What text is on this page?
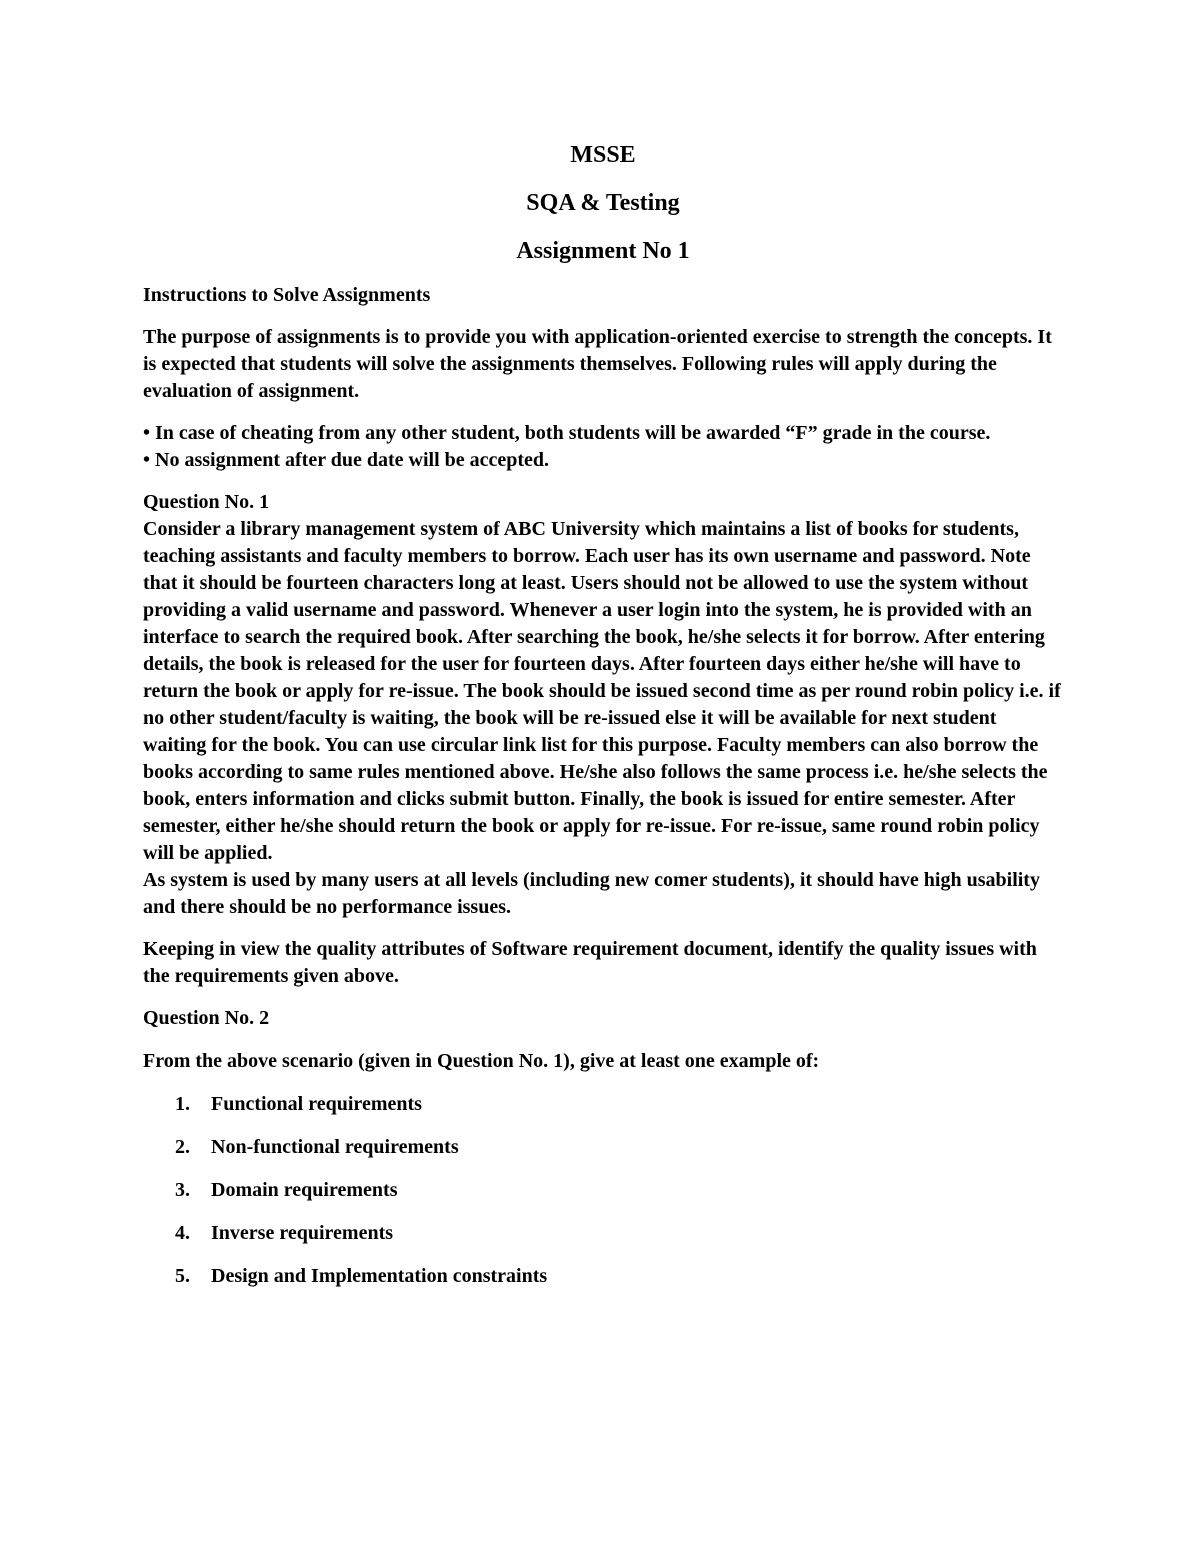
MSSE

SQA & Testing

Assignment No 1

Instructions to Solve Assignments

The purpose of assignments is to provide you with application-oriented exercise to strength the concepts. It is expected that students will solve the assignments themselves. Following rules will apply during the evaluation of assignment.

• In case of cheating from any other student, both students will be awarded “F” grade in the course.

• No assignment after due date will be accepted.

Question No. 1

Consider a library management system of ABC University which maintains a list of books for students, teaching assistants and faculty members to borrow. Each user has its own username and password. Note that it should be fourteen characters long at least. Users should not be allowed to use the system without providing a valid username and password. Whenever a user login into the system, he is provided with an interface to search the required book. After searching the book, he/she selects it for borrow. After entering details, the book is released for the user for fourteen days. After fourteen days either he/she will have to return the book or apply for re-issue. The book should be issued second time as per round robin policy i.e. if no other student/faculty is waiting, the book will be re-issued else it will be available for next student waiting for the book. You can use circular link list for this purpose. Faculty members can also borrow the books according to same rules mentioned above. He/she also follows the same process i.e. he/she selects the book, enters information and clicks submit button. Finally, the book is issued for entire semester. After semester, either he/she should return the book or apply for re-issue. For re-issue, same round robin policy will be applied.

As system is used by many users at all levels (including new comer students), it should have high usability and there should be no performance issues.

Keeping in view the quality attributes of Software requirement document, identify the quality issues with the requirements given above.

Question No. 2

From the above scenario (given in Question No. 1), give at least one example of:

1.	Functional requirements
2.	Non-functional requirements
3.	Domain requirements
4.	Inverse requirements
5.	Design and Implementation constraints
